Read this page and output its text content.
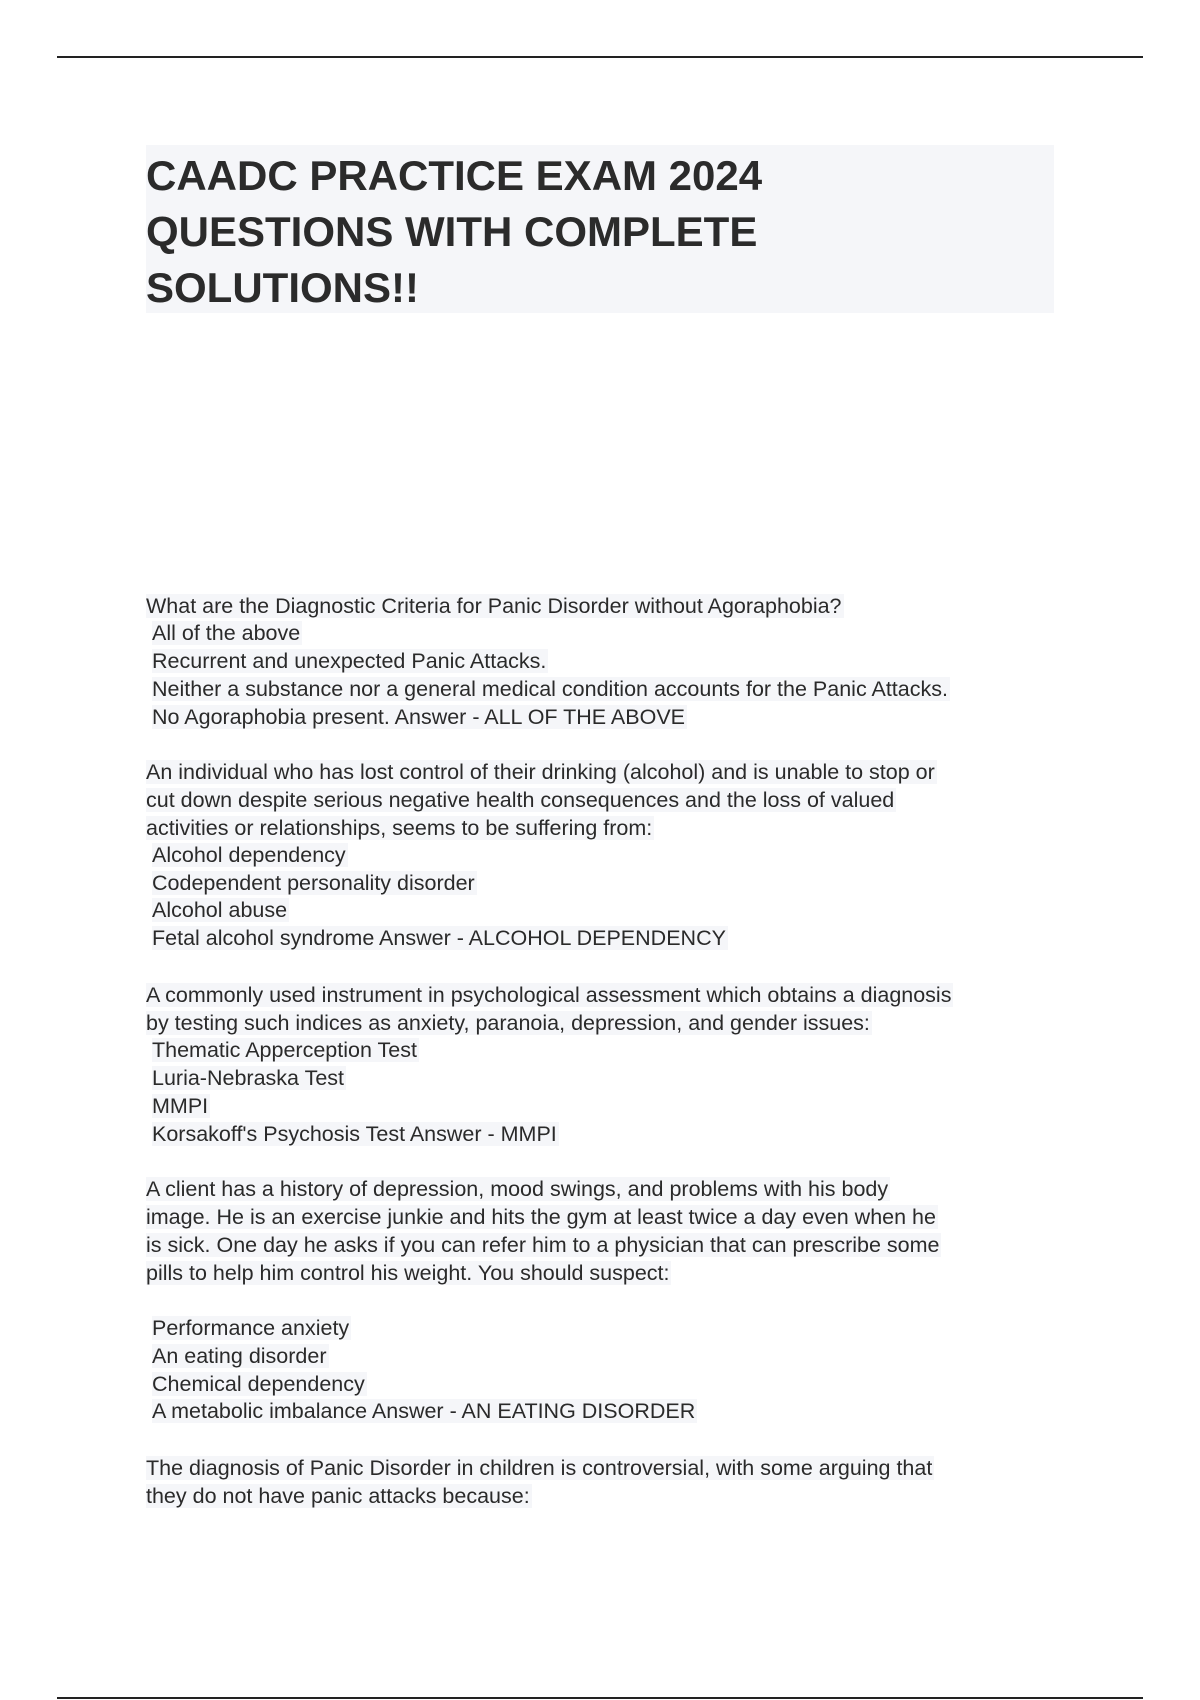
CAADC PRACTICE EXAM 2024
QUESTIONS WITH COMPLETE
SOLUTIONS!!
What are the Diagnostic Criteria for Panic Disorder without Agoraphobia?
All of the above
Recurrent and unexpected Panic Attacks.
Neither a substance nor a general medical condition accounts for the Panic Attacks.
No Agoraphobia present. Answer - ALL OF THE ABOVE
An individual who has lost control of their drinking (alcohol) and is unable to stop or
cut down despite serious negative health consequences and the loss of valued
activities or relationships, seems to be suffering from:
Alcohol dependency
Codependent personality disorder
Alcohol abuse
Fetal alcohol syndrome Answer - ALCOHOL DEPENDENCY
A commonly used instrument in psychological assessment which obtains a diagnosis
by testing such indices as anxiety, paranoia, depression, and gender issues:
Thematic Apperception Test
Luria-Nebraska Test
MMPI
Korsakoff's Psychosis Test Answer - MMPI
A client has a history of depression, mood swings, and problems with his body
image. He is an exercise junkie and hits the gym at least twice a day even when he
is sick. One day he asks if you can refer him to a physician that can prescribe some
pills to help him control his weight. You should suspect:
Performance anxiety
An eating disorder
Chemical dependency
A metabolic imbalance Answer - AN EATING DISORDER
The diagnosis of Panic Disorder in children is controversial, with some arguing that
they do not have panic attacks because:
